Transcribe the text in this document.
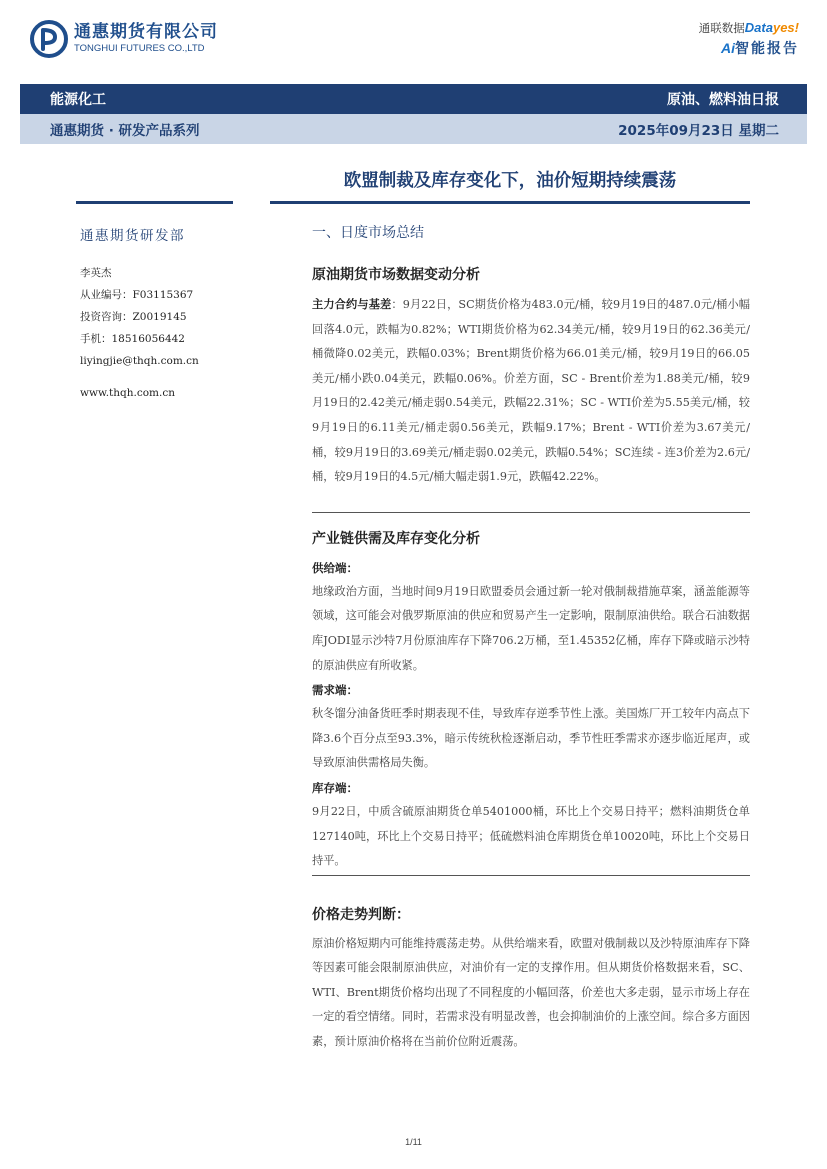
通惠期货有限公司
TONGHUI FUTURES CO.,LTD
通联数据Datayes!
Ai智能报告
能源化工	原油、燃料油日报
通惠期货 · 研发产品系列	2025年09月23日 星期二
欧盟制裁及库存变化下，油价短期持续震荡
通惠期货研发部
李英杰
从业编号：F03115367
投资咨询：Z0019145
手机：18516056442
liyingjie@thqh.com.cn
www.thqh.com.cn
一、日度市场总结
原油期货市场数据变动分析
主力合约与基差：9月22日，SC期货价格为483.0元/桶，较9月19日的487.0元/桶小幅回落4.0元，跌幅为0.82%；WTI期货价格为62.34美元/桶，较9月19日的62.36美元/桶微降0.02美元，跌幅0.03%；Brent期货价格为66.01美元/桶，较9月19日的66.05美元/桶小跌0.04美元，跌幅0.06%。价差方面，SC - Brent价差为1.88美元/桶，较9月19日的2.42美元/桶走弱0.54美元，跌幅22.31%；SC - WTI价差为5.55美元/桶，较9月19日的6.11美元/桶走弱0.56美元，跌幅9.17%；Brent - WTI价差为3.67美元/桶，较9月19日的3.69美元/桶走弱0.02美元，跌幅0.54%；SC连续 - 连3价差为2.6元/桶，较9月19日的4.5元/桶大幅走弱1.9元，跌幅42.22%。
产业链供需及库存变化分析
供给端：
地缘政治方面，当地时间9月19日欧盟委员会通过新一轮对俄制裁措施草案，涵盖能源等领域，这可能会对俄罗斯原油的供应和贸易产生一定影响，限制原油供给。联合石油数据库JODI显示沙特7月份原油库存下降706.2万桶，至1.45352亿桶，库存下降或暗示沙特的原油供应有所收紧。
需求端：
秋冬馏分油备货旺季时期表现不佳，导致库存逆季节性上涨。美国炼厂开工较年内高点下降3.6个百分点至93.3%，暗示传统秋检逐渐启动，季节性旺季需求亦逐步临近尾声，或导致原油供需格局失衡。
库存端：
9月22日，中质含硫原油期货仓单5401000桶，环比上个交易日持平；燃料油期货仓单127140吨，环比上个交易日持平；低硫燃料油仓库期货仓单10020吨，环比上个交易日持平。
价格走势判断：
原油价格短期内可能维持震荡走势。从供给端来看，欧盟对俄制裁以及沙特原油库存下降等因素可能会限制原油供应，对油价有一定的支撑作用。但从期货价格数据来看，SC、WTI、Brent期货价格均出现了不同程度的小幅回落，价差也大多走弱，显示市场上存在一定的看空情绪。同时，若需求没有明显改善，也会抑制油价的上涨空间。综合多方面因素，预计原油价格将在当前价位附近震荡。
1/11
